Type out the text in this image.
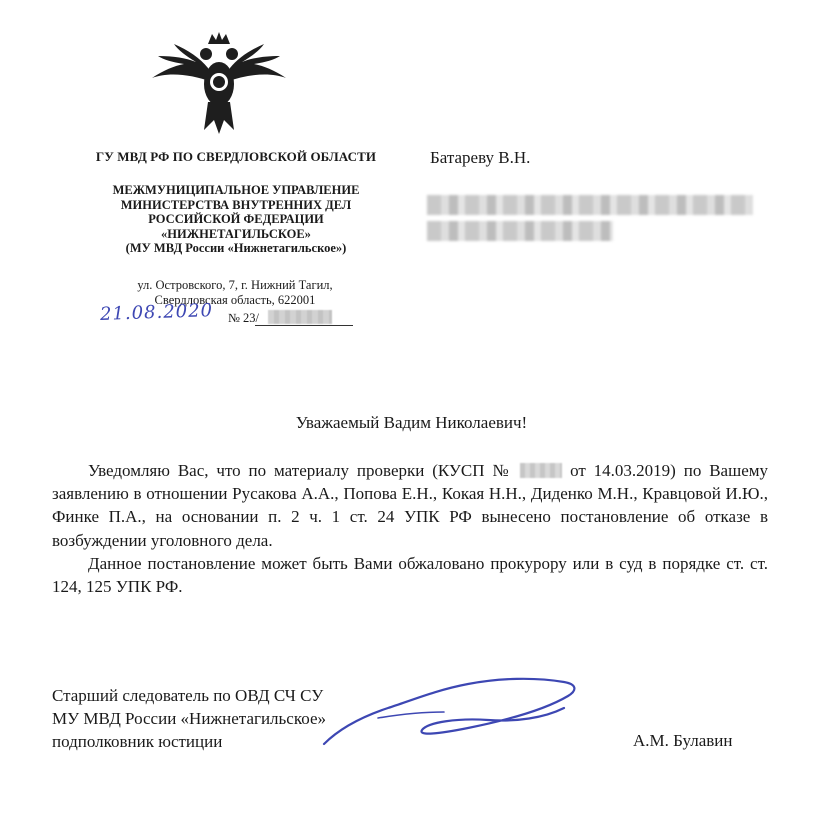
ГУ МВД РФ ПО СВЕРДЛОВСКОЙ ОБЛАСТИ
МЕЖМУНИЦИПАЛЬНОЕ УПРАВЛЕНИЕ
МИНИСТЕРСТВА ВНУТРЕННИХ ДЕЛ
РОССИЙСКОЙ ФЕДЕРАЦИИ
«НИЖНЕТАГИЛЬСКОЕ»
(МУ МВД России «Нижнетагильское»)
ул. Островского, 7, г. Нижний Тагил,
Свердловская область, 622001
21.08.2020 № 23/
Батареву В.Н.
Уважаемый Вадим Николаевич!

Уведомляю Вас, что по материалу проверки (КУСП №	от 14.03.2019) по Вашему заявлению в отношении Русакова А.А., Попова Е.Н., Кокая Н.Н., Диденко М.Н., Кравцовой И.Ю., Финке П.А., на основании п. 2 ч. 1 ст. 24 УПК РФ вынесено постановление об отказе в возбуждении уголовного дела.

Данное постановление может быть Вами обжаловано прокурору или в суд в порядке ст. ст. 124, 125 УПК РФ.

Старший следователь по ОВД СЧ СУ
МУ МВД России «Нижнетагильское»
подполковник юстиции	А.М. Булавин
